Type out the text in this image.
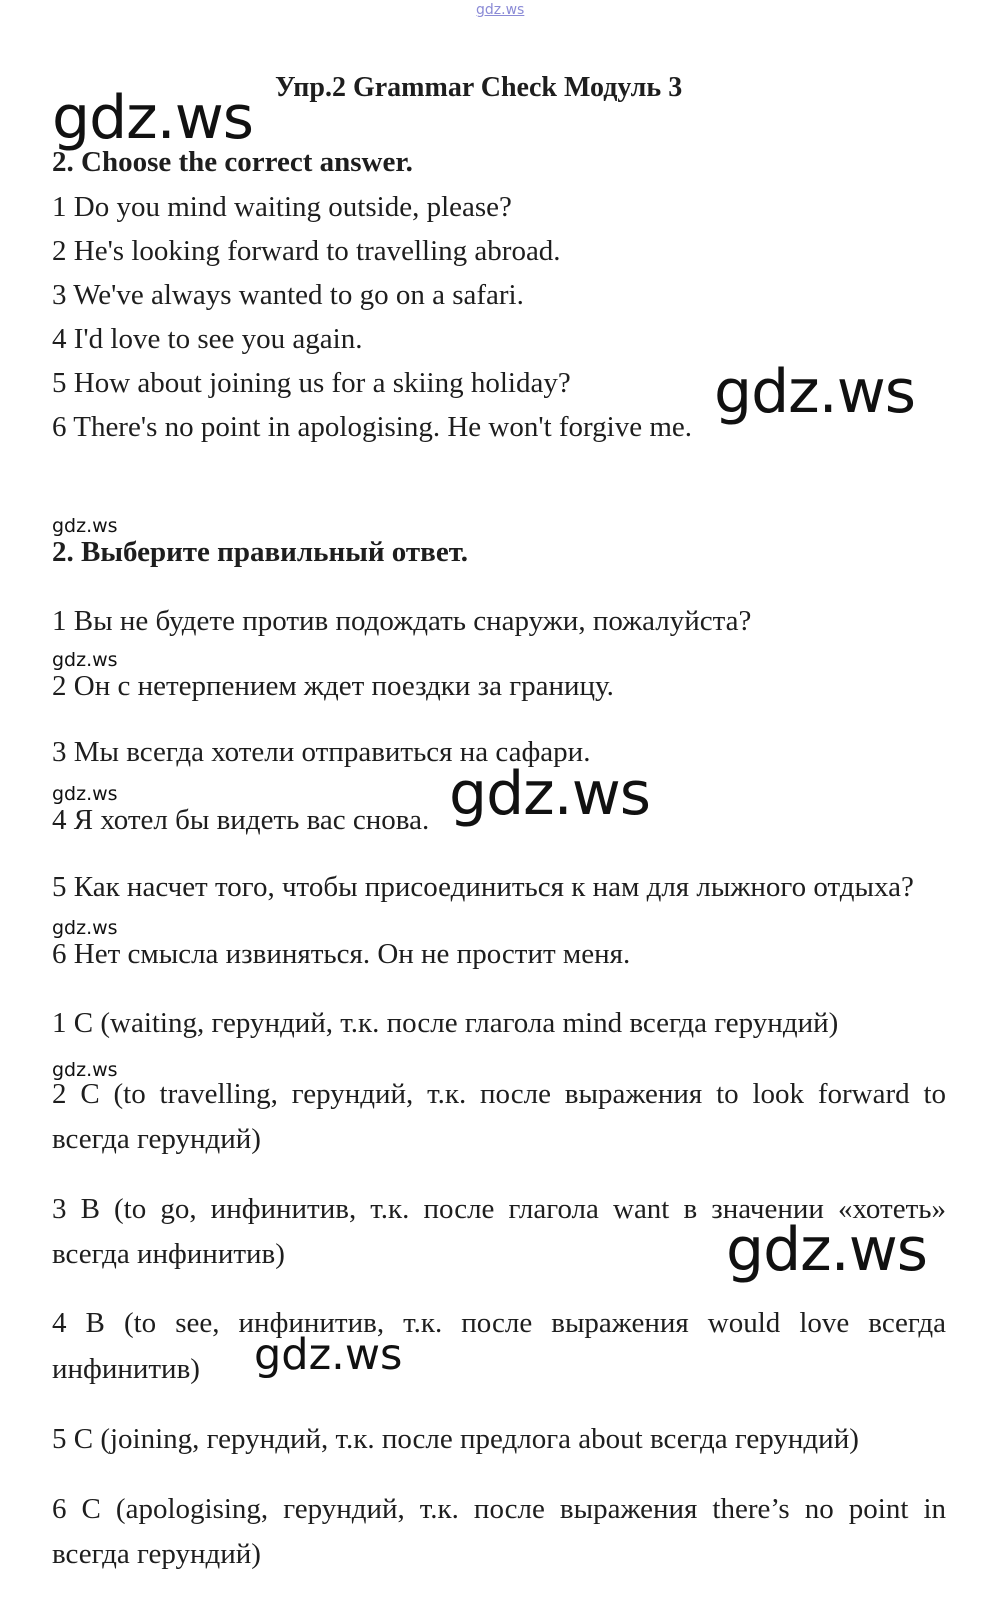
gdz.ws
Упр.2 Grammar Check Модуль 3
gdz.ws
2. Choose the correct answer.
1 Do you mind waiting outside, please?
2 He's looking forward to travelling abroad.
3 We've always wanted to go on a safari.
4 I'd love to see you again.
5 How about joining us for a skiing holiday?
6 There's no point in apologising. He won't forgive me. gdz.ws
gdz.ws
2. Выберите правильный ответ.
1 Вы не будете против подождать снаружи, пожалуйста?
gdz.ws
2 Он с нетерпением ждет поездки за границу.
3 Мы всегда хотели отправиться на сафари.
gdz.ws
4 Я хотел бы видеть вас снова. gdz.ws
5 Как насчет того, чтобы присоединиться к нам для лыжного отдыха?
gdz.ws
6 Нет смысла извиняться. Он не простит меня.
1 C (waiting, герундий, т.к. после глагола mind всегда герундий)
gdz.ws
2 C (to travelling, герундий, т.к. после выражения to look forward to
всегда герундий)
3 B (to go, инфинитив, т.к. после глагола want в значении «хотеть»
всегда инфинитив)	gdz.ws
4 B (to see, инфинитив, т.к. после выражения would love всегда
инфинитив) gdz.ws
5 C (joining, герундий, т.к. после предлога about всегда герундий)
6 C (apologising, герундий, т.к. после выражения there’s no point in
всегда герундий)
